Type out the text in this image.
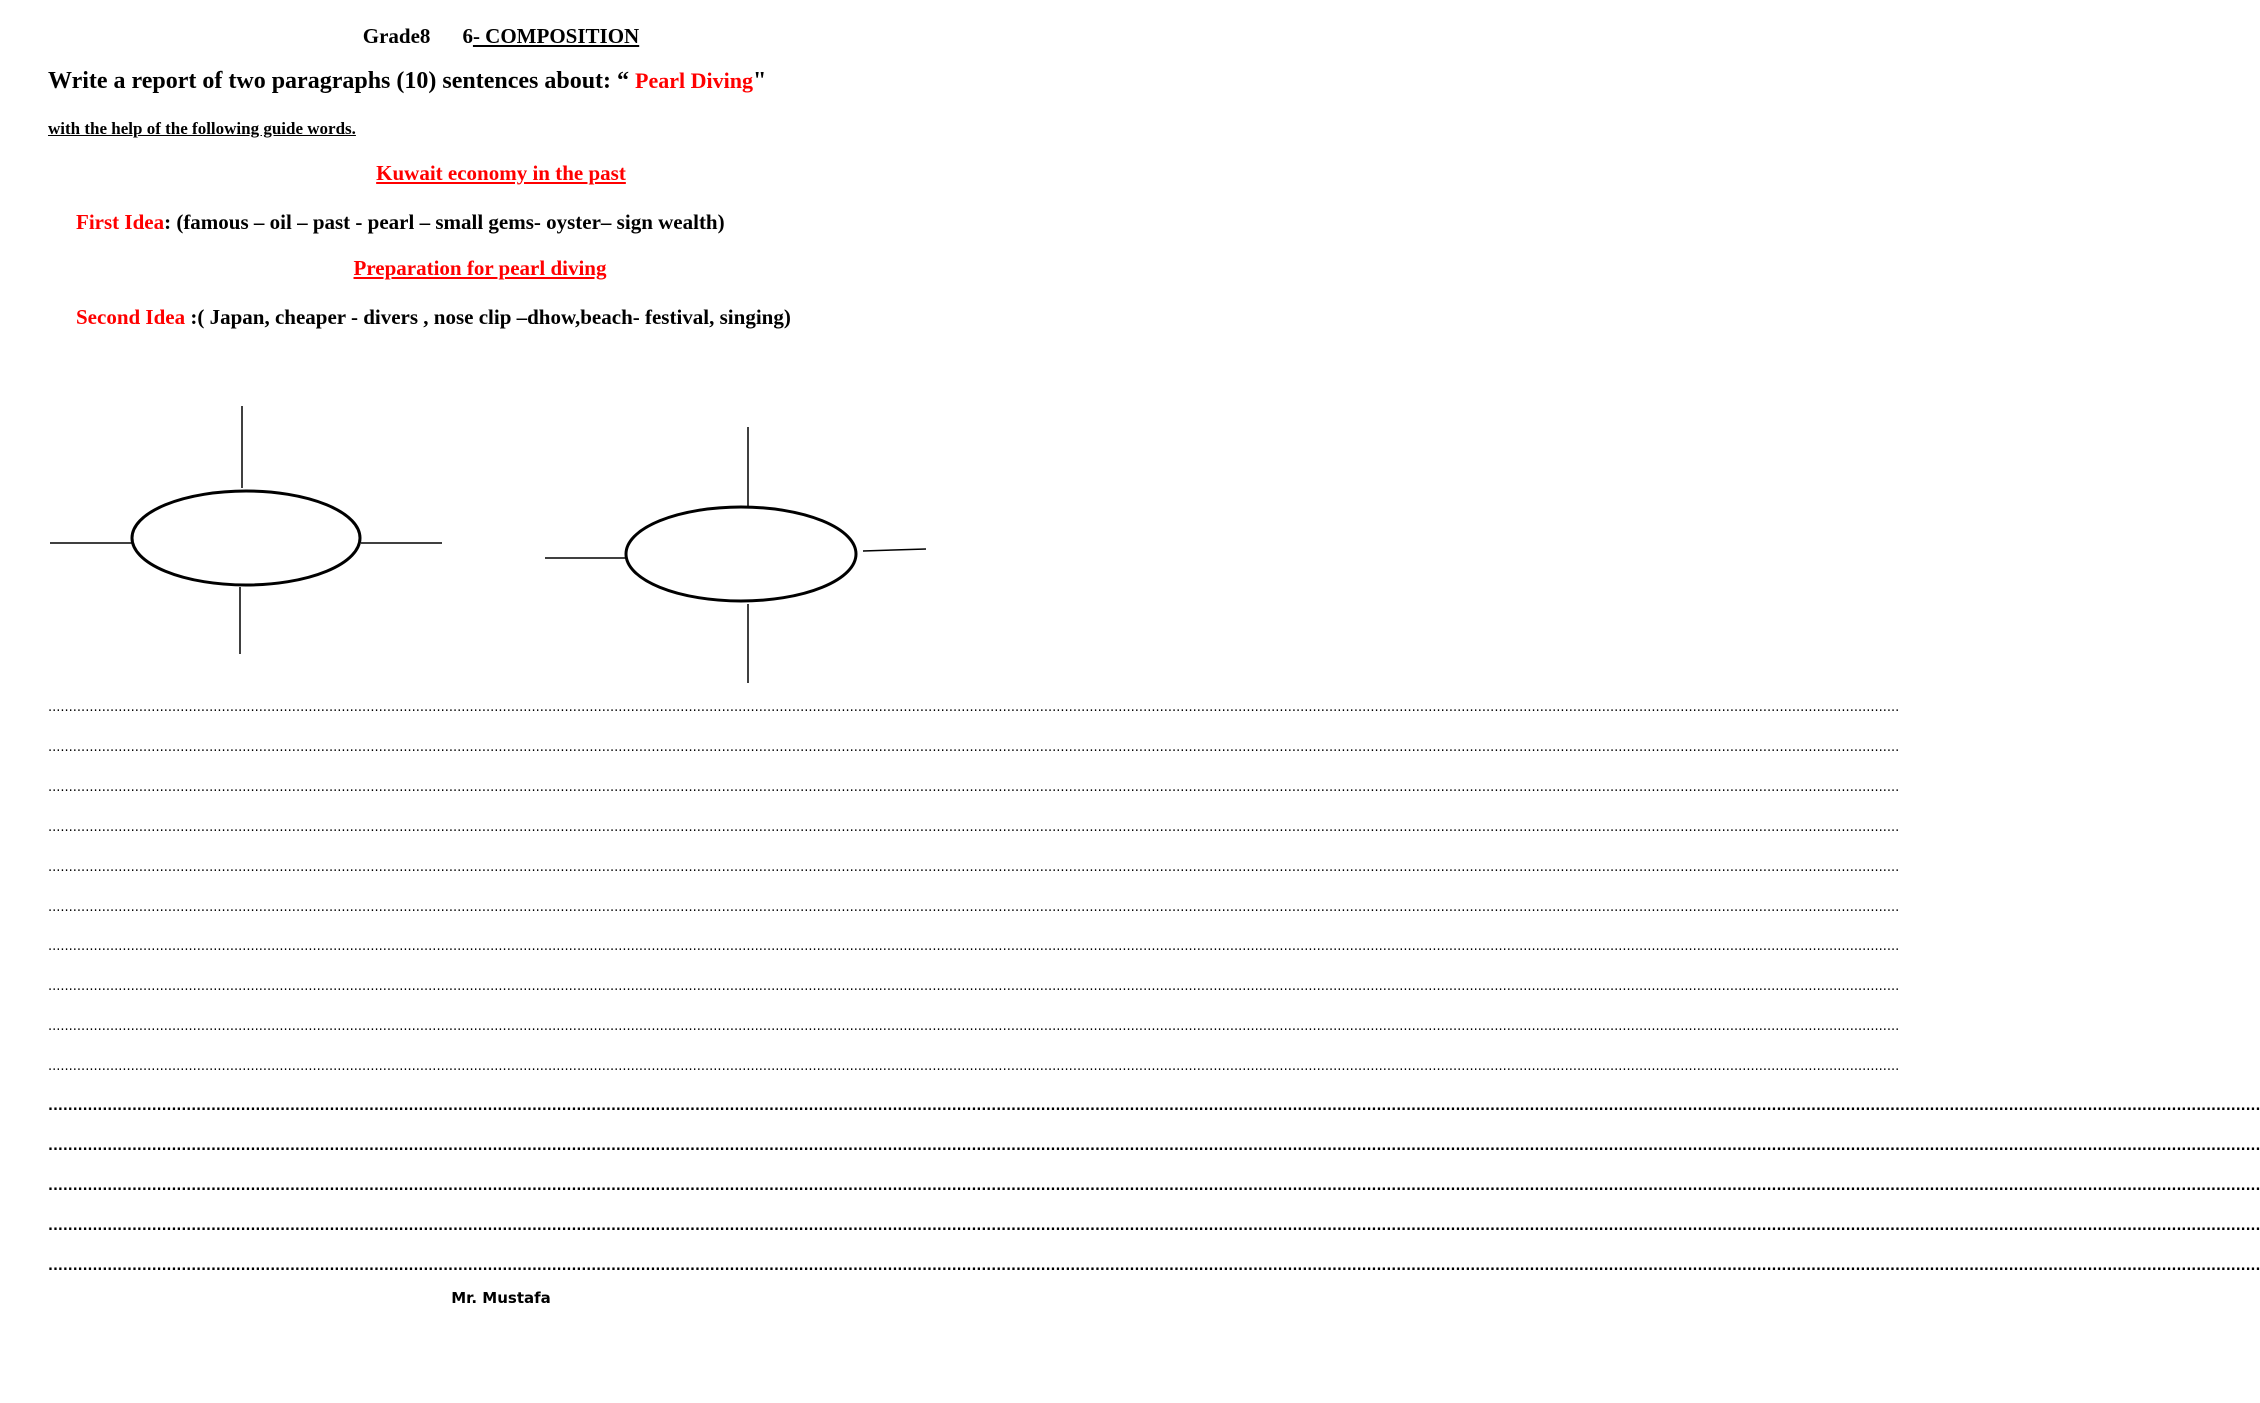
Grade8 6- COMPOSITION
Write a report of two paragraphs (10) sentences about: “ Pearl Diving"
with the help of the following guide words.
Kuwait economy in the past
First Idea: (famous – oil – past - pearl – small gems- oyster– sign wealth)
Preparation for pearl diving
Second Idea :( Japan, cheaper - divers , nose clip –dhow,beach- festival, singing)
................................................................................................................................................................................................................................................................................................................................................................................................................................................................
................................................................................................................................................................................................................................................................................................................................................................................................................................................................
................................................................................................................................................................................................................................................................................................................................................................................................................................................................
................................................................................................................................................................................................................................................................................................................................................................................................................................................................
................................................................................................................................................................................................................................................................................................................................................................................................................................................................
................................................................................................................................................................................................................................................................................................................................................................................................................................................................
................................................................................................................................................................................................................................................................................................................................................................................................................................................................
................................................................................................................................................................................................................................................................................................................................................................................................................................................................
................................................................................................................................................................................................................................................................................................................................................................................................................................................................
................................................................................................................................................................................................................................................................................................................................................................................................................................................................
................................................................................................................................................................................................................................................................................................................................................................................................................................................................
................................................................................................................................................................................................................................................................................................................................................................................................................................................................
................................................................................................................................................................................................................................................................................................................................................................................................................................................................
................................................................................................................................................................................................................................................................................................................................................................................................................................................................
................................................................................................................................................................................................................................................................................................................................................................................................................................................................
Mr. Mustafa
